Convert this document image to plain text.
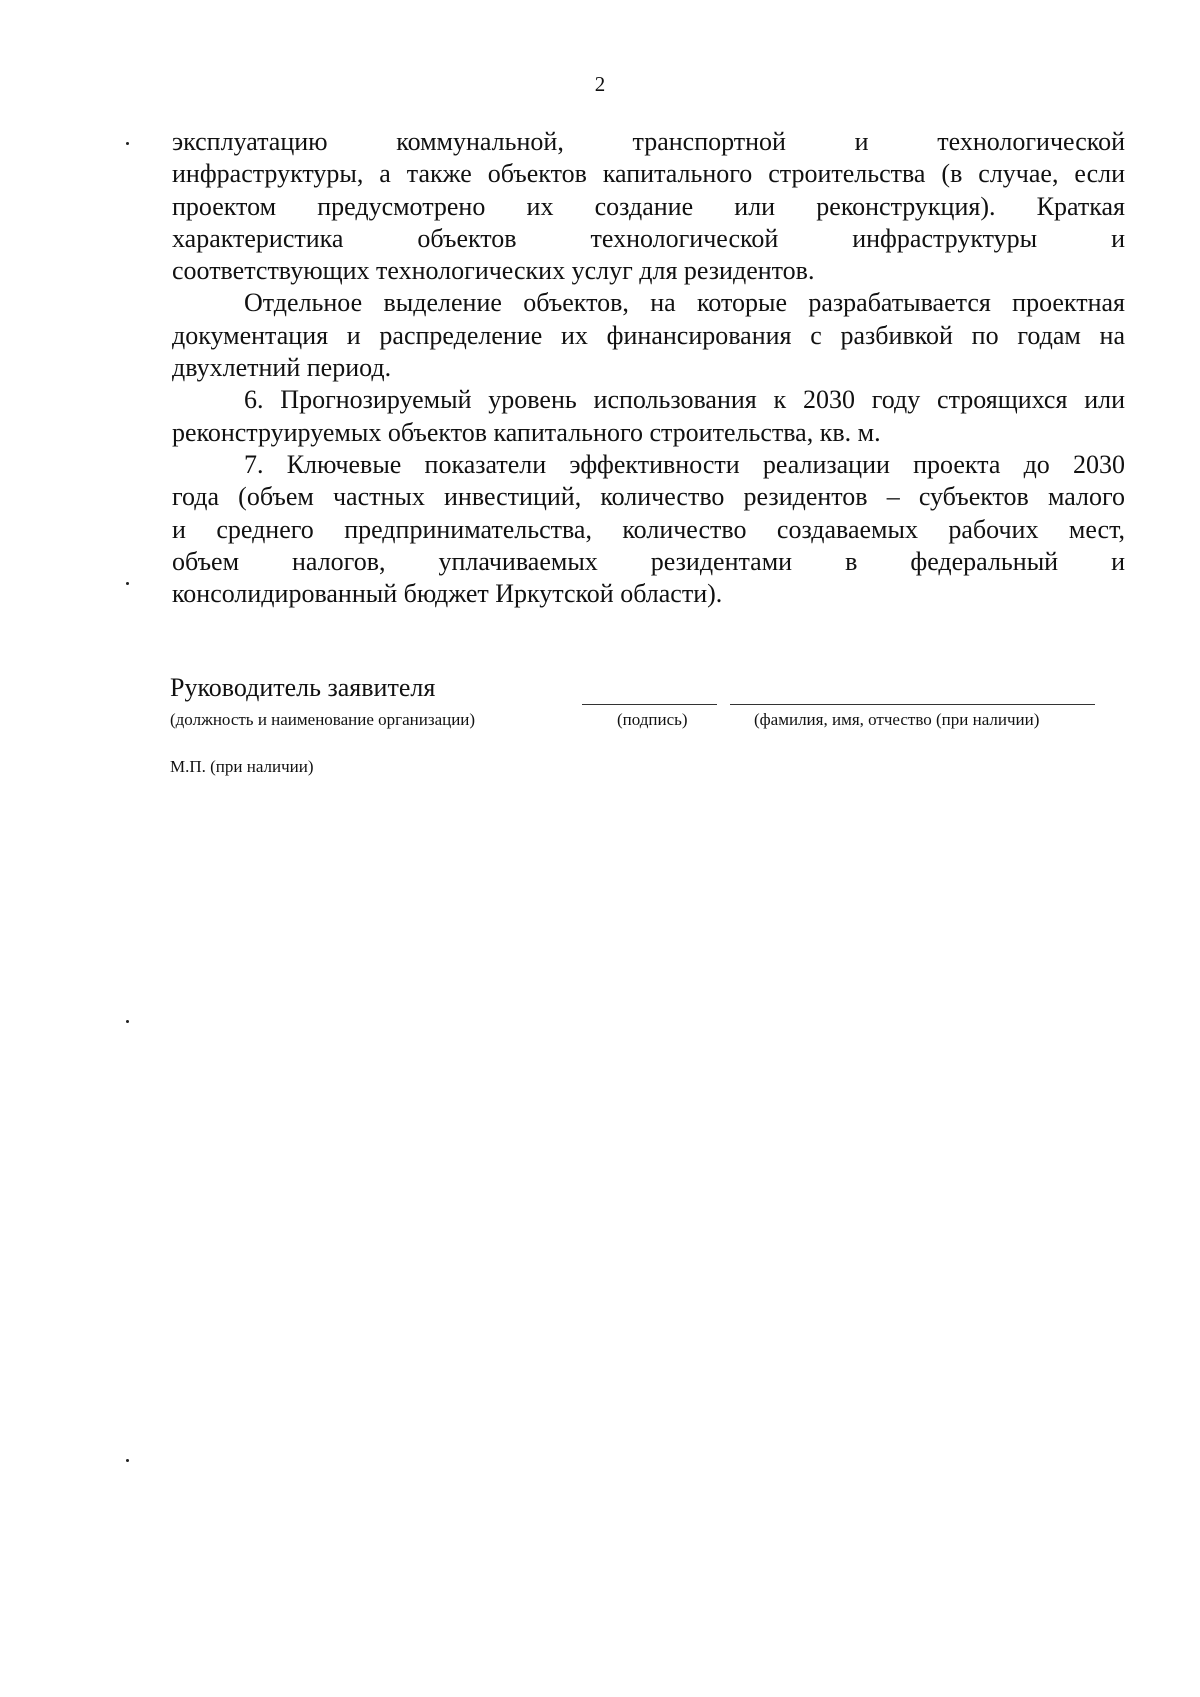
2

эксплуатацию коммунальной, транспортной и технологической
инфраструктуры, а также объектов капитального строительства (в случае, если
проектом предусмотрено их создание или реконструкция). Краткая
характеристика объектов технологической инфраструктуры и
соответствующих технологических услуг для резидентов.

Отдельное выделение объектов, на которые разрабатывается проектная документация и распределение их финансирования с разбивкой по годам на двухлетний период.

6. Прогнозируемый уровень использования к 2030 году строящихся или реконструируемых объектов капитального строительства, кв. м.

7. Ключевые показатели эффективности реализации проекта до 2030
года (объем частных инвестиций, количество резидентов – субъектов малого
и среднего предпринимательства, количество создаваемых рабочих мест,
объем налогов, уплачиваемых резидентами в федеральный и
консолидированный бюджет Иркутской области).

Руководитель заявителя
(должность и наименование организации)	(подпись)	(фамилия, имя, отчество (при наличии)
М.П. (при наличии)
